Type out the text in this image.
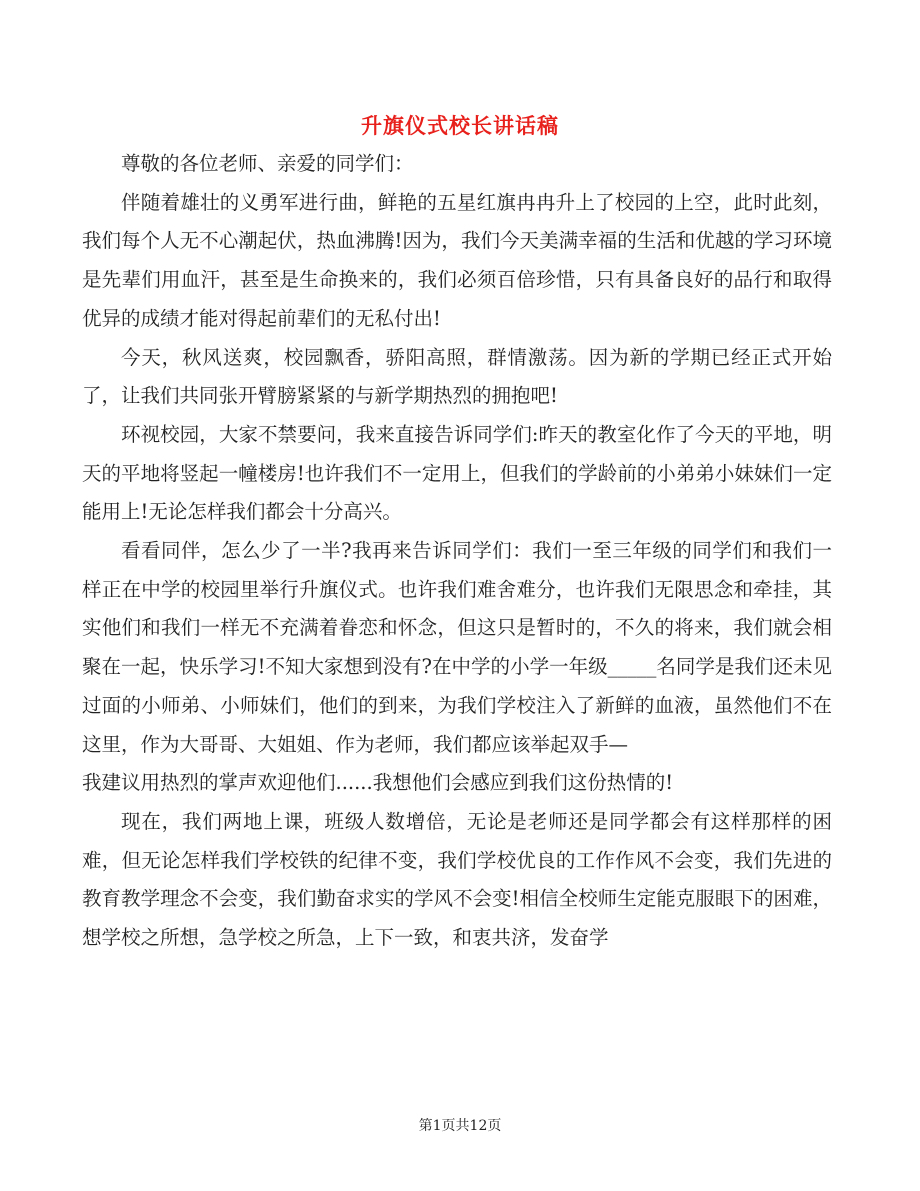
升旗仪式校长讲话稿

尊敬的各位老师、亲爱的同学们：

伴随着雄壮的义勇军进行曲，鲜艳的五星红旗冉冉升上了校园的上空，此时此刻，我们每个人无不心潮起伏，热血沸腾!因为，我们今天美满幸福的生活和优越的学习环境是先辈们用血汗，甚至是生命换来的，我们必须百倍珍惜，只有具备良好的品行和取得优异的成绩才能对得起前辈们的无私付出!

今天，秋风送爽，校园飘香，骄阳高照，群情激荡。因为新的学期已经正式开始了，让我们共同张开臂膀紧紧的与新学期热烈的拥抱吧!

环视校园，大家不禁要问，我来直接告诉同学们:昨天的教室化作了今天的平地，明天的平地将竖起一幢楼房!也许我们不一定用上，但我们的学龄前的小弟弟小妹妹们一定能用上!无论怎样我们都会十分高兴。

看看同伴，怎么少了一半?我再来告诉同学们：我们一至三年级的同学们和我们一样正在中学的校园里举行升旗仪式。也许我们难舍难分，也许我们无限思念和牵挂，其实他们和我们一样无不充满着眷恋和怀念，但这只是暂时的，不久的将来，我们就会相聚在一起，快乐学习!不知大家想到没有?在中学的小学一年级_____名同学是我们还未见过面的小师弟、小师妹们，他们的到来，为我们学校注入了新鲜的血液，虽然他们不在这里，作为大哥哥、大姐姐、作为老师，我们都应该举起双手—

我建议用热烈的掌声欢迎他们......我想他们会感应到我们这份热情的!

现在，我们两地上课，班级人数增倍，无论是老师还是同学都会有这样那样的困难，但无论怎样我们学校铁的纪律不变，我们学校优良的工作作风不会变，我们先进的教育教学理念不会变，我们勤奋求实的学风不会变!相信全校师生定能克服眼下的困难，想学校之所想，急学校之所急，上下一致，和衷共济，发奋学

第1页共12页
